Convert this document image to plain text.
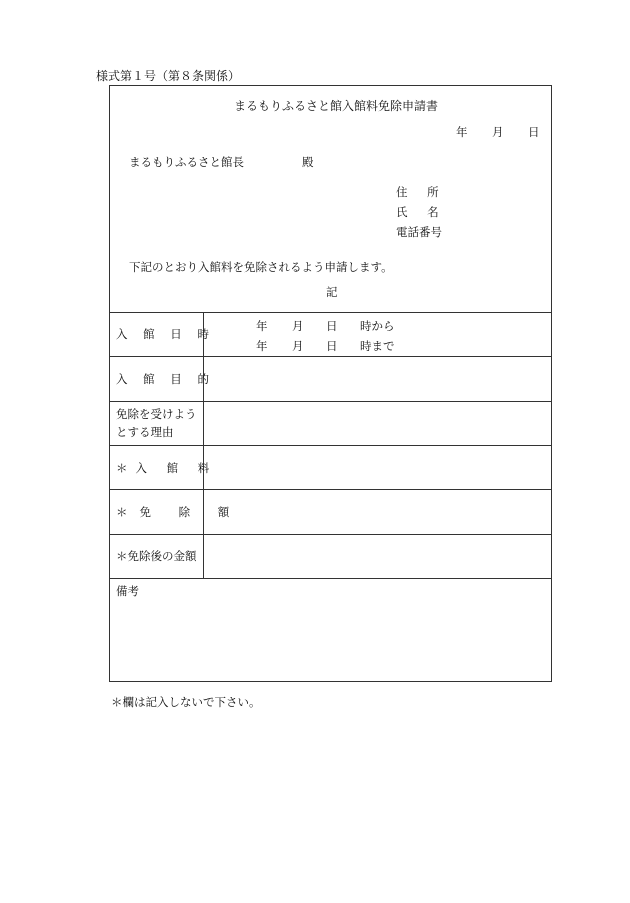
様式第１号（第８条関係）
まるもりふるさと館入館料免除申請書
年 月 日
まるもりふるさと館長	殿
住 所
氏 名
電話番号
下記のとおり入館料を免除されるよう申請します。
記
入 館 日 時
年 月 日 時から
年 月 日 時まで
入 館 目 的
免除を受けよう
とする理由
＊入 館 料
＊免 除 額
＊免除後の金額
備考
＊欄は記入しないで下さい。
